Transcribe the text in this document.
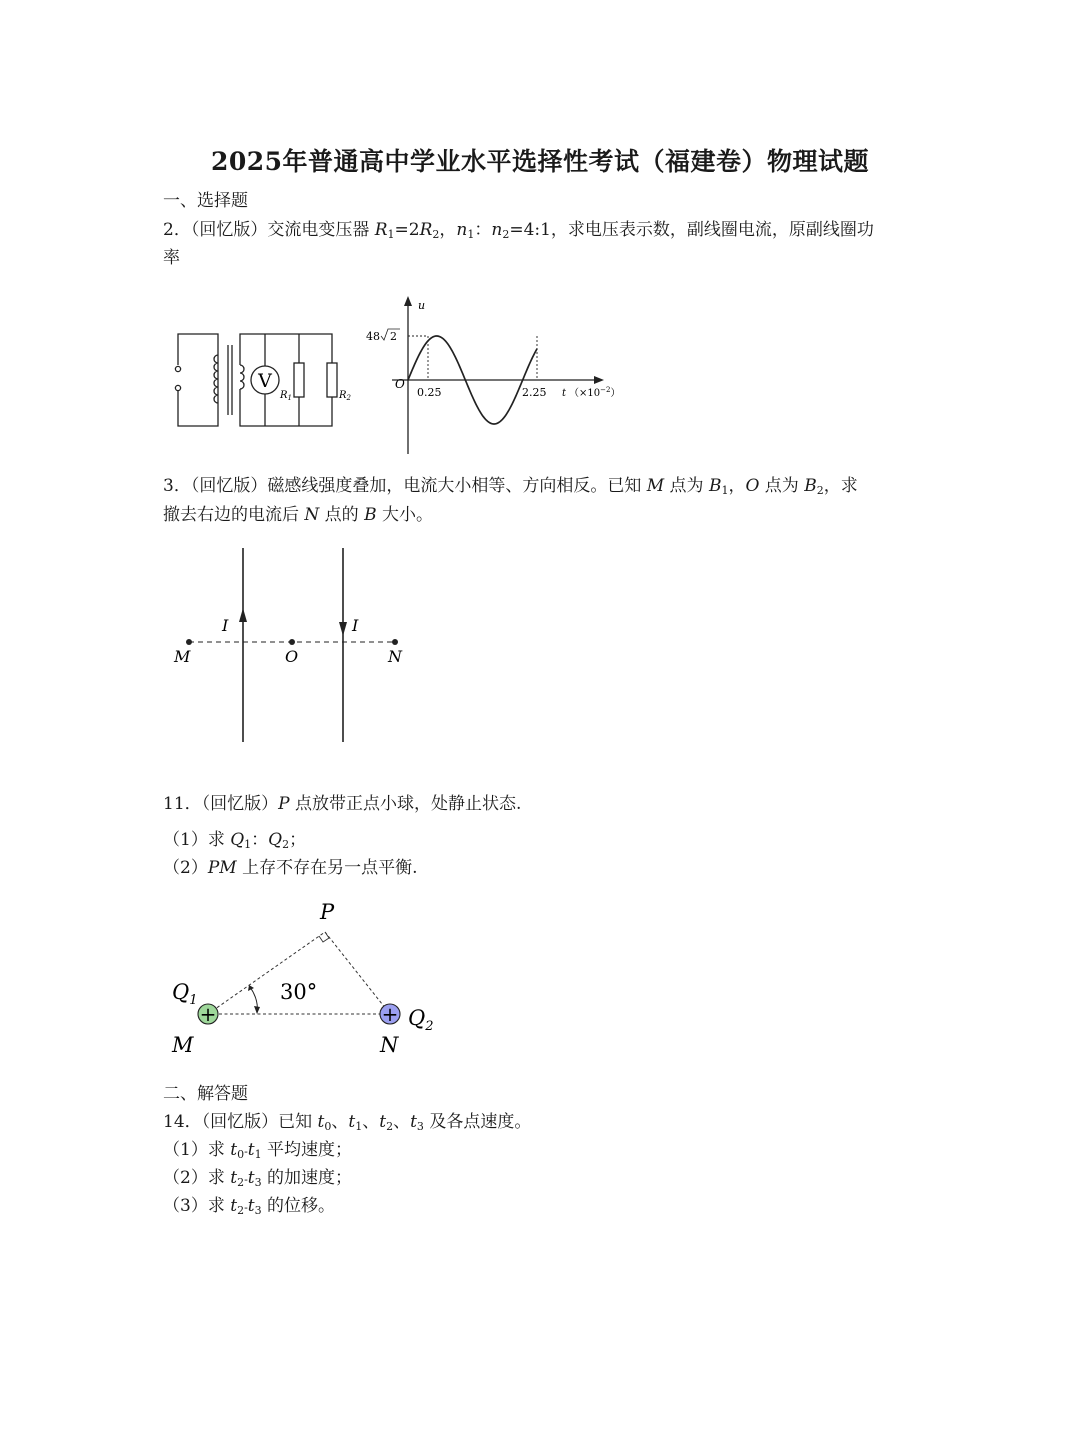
2025年普通高中学业水平选择性考试（福建卷）物理试题
一、选择题
2．（回忆版）交流电变压器 $R_1=2R_2$，$n_1$：$n_2=4:1$，求电压表示数，副线圈电流，原副线圈功
率
V
$R_1$	$R_2$
u
48 2
O
0.25	2.25 t $(\times 10^{-2})$
3．（回忆版）磁感线强度叠加，电流大小相等、方向相反。已知 M 点为 $B_1$，O 点为 $B_2$，求
撤去右边的电流后 N 点的 B 大小。
I	I
M	O	N
11．（回忆版）P 点放带正点小球，处静止状态.
（1）求 $Q_1$：$Q_2$；
（2）PM 上存不存在另一点平衡.
+	+
P
30°
$Q_1$
$Q_2$
M	N
二、解答题
14．（回忆版）已知 $t_0$、$t_1$、$t_2$、$t_3$ 及各点速度。
（1）求 $t_0-t_1$ 平均速度；
（2）求 $t_2-t_3$ 的加速度；
（3）求 $t_2-t_3$ 的位移。
